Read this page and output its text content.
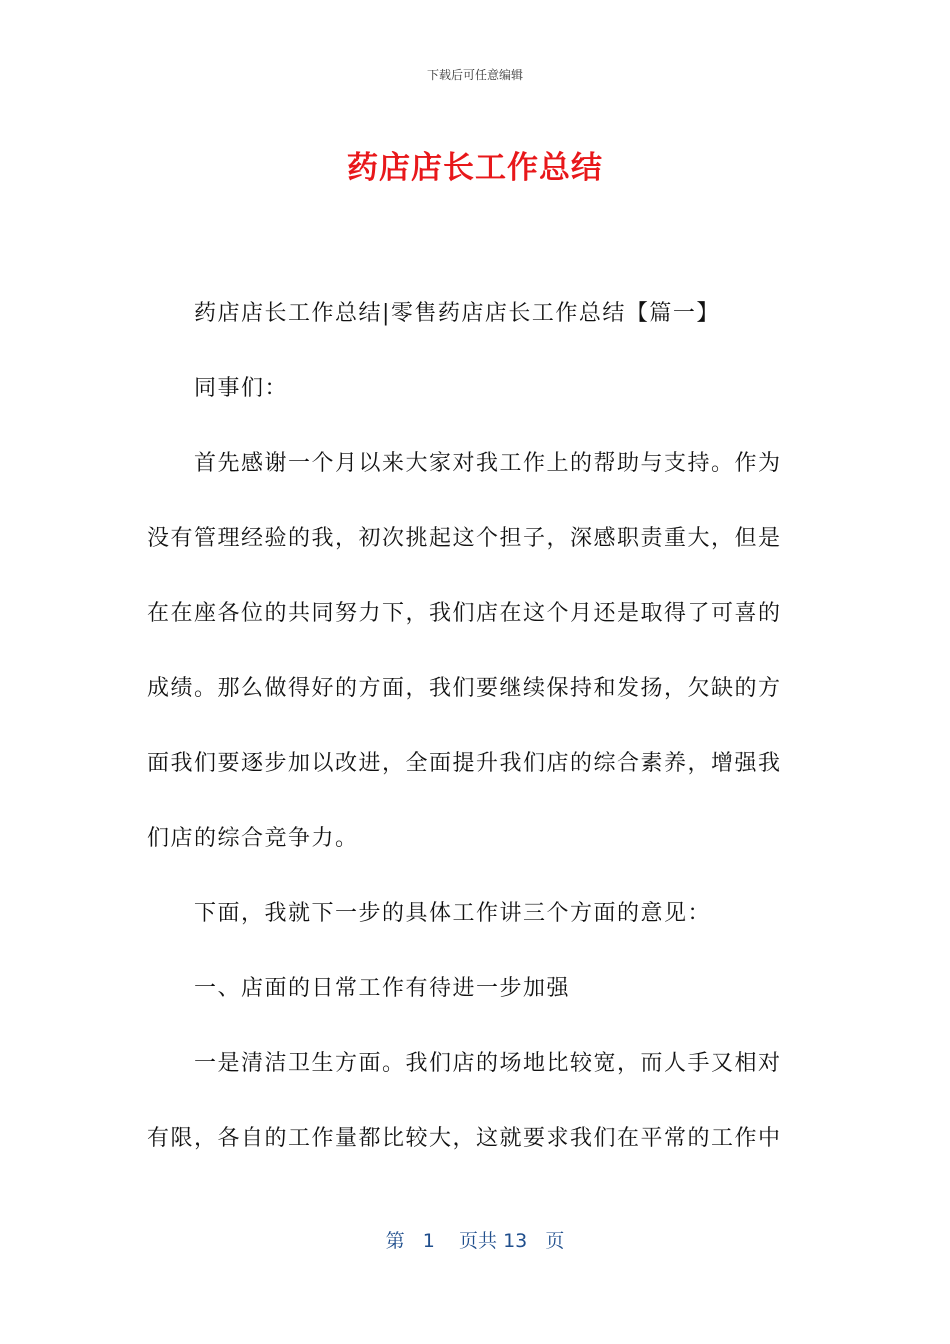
下载后可任意编辑
药店店长工作总结
药店店长工作总结|零售药店店长工作总结【篇一】
同事们：
首先感谢一个月以来大家对我工作上的帮助与支持。作为
没有管理经验的我，初次挑起这个担子，深感职责重大，但是
在在座各位的共同努力下，我们店在这个月还是取得了可喜的
成绩。那么做得好的方面，我们要继续保持和发扬，欠缺的方
面我们要逐步加以改进，全面提升我们店的综合素养，增强我
们店的综合竞争力。
下面，我就下一步的具体工作讲三个方面的意见：
一、店面的日常工作有待进一步加强
一是清洁卫生方面。我们店的场地比较宽，而人手又相对
有限，各自的工作量都比较大，这就要求我们在平常的工作中
第 1 页共 13 页
